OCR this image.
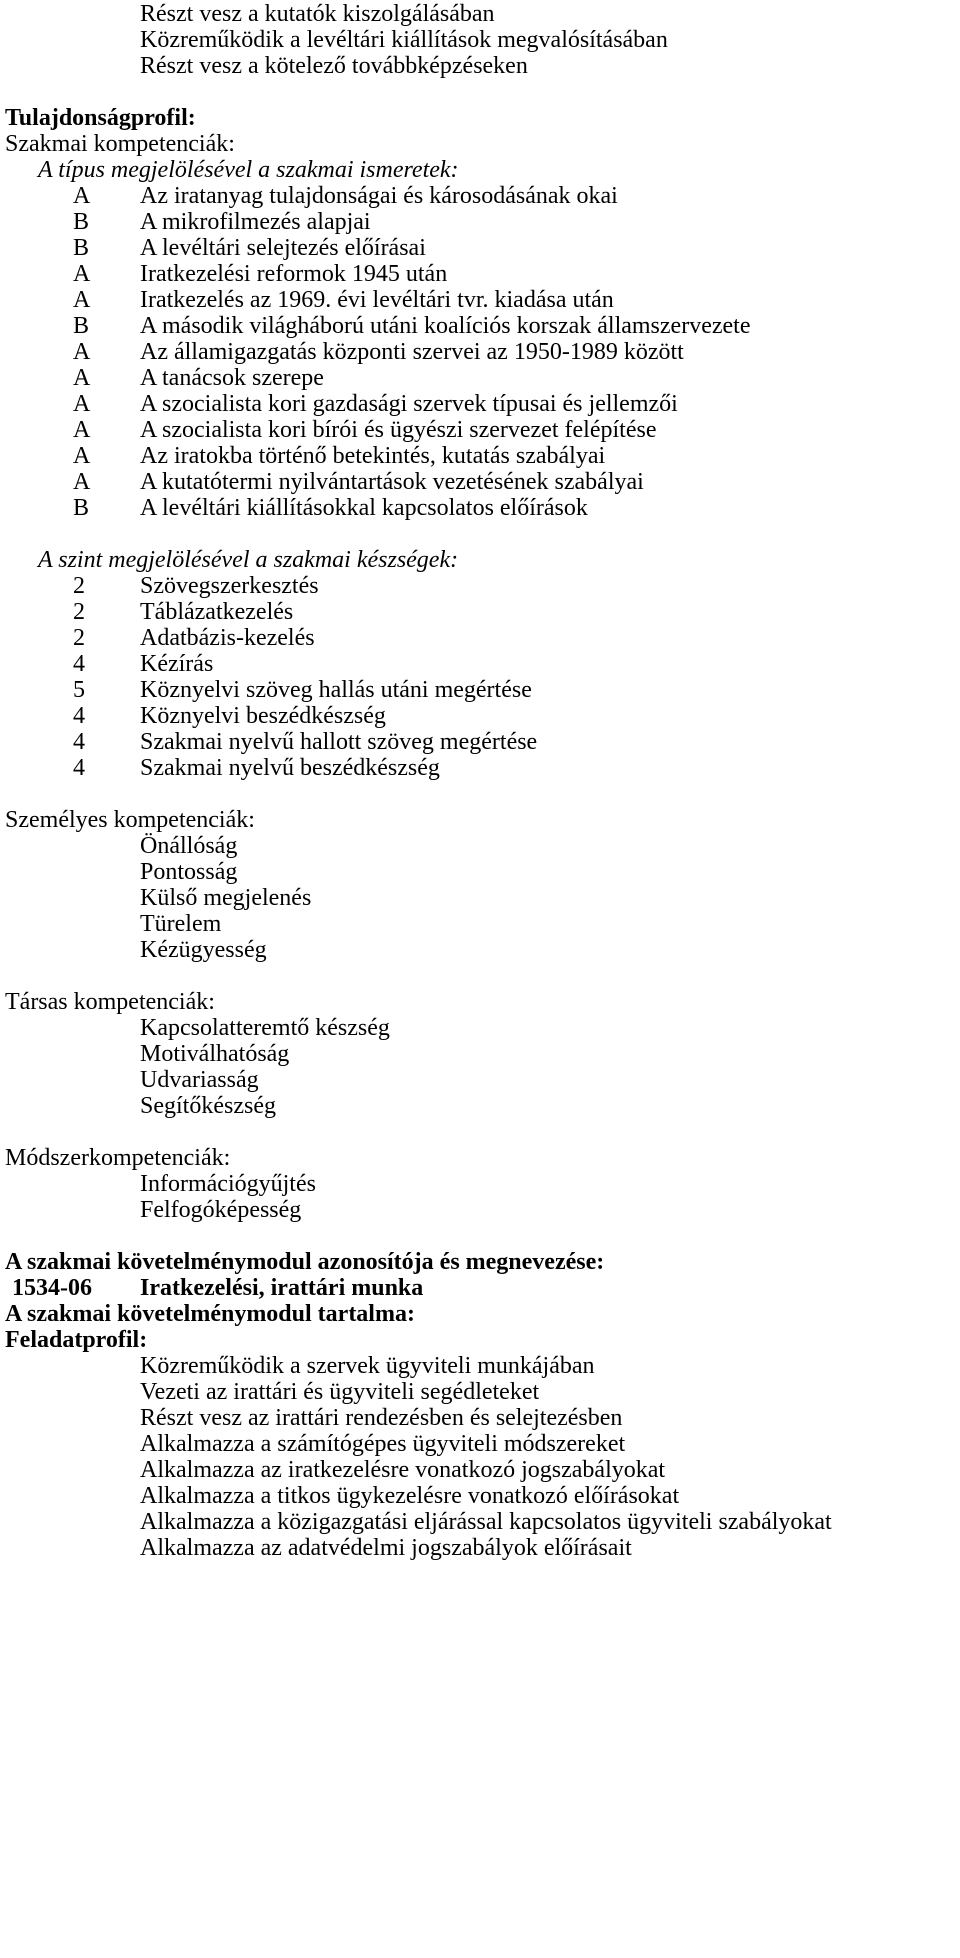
Részt vesz a kutatók kiszolgálásában
Közreműködik a levéltári kiállítások megvalósításában
Részt vesz a kötelező továbbképzéseken
Tulajdonságprofil:
Szakmai kompetenciák:
A típus megjelölésével a szakmai ismeretek:
A Az iratanyag tulajdonságai és károsodásának okai
B A mikrofilmezés alapjai
B A levéltári selejtezés előírásai
A Iratkezelési reformok 1945 után
A Iratkezelés az 1969. évi levéltári tvr. kiadása után
B A második világháború utáni koalíciós korszak államszervezete
A Az államigazgatás központi szervei az 1950-1989 között
A A tanácsok szerepe
A A szocialista kori gazdasági szervek típusai és jellemzői
A A szocialista kori bírói és ügyészi szervezet felépítése
A Az iratokba történő betekintés, kutatás szabályai
A A kutatótermi nyilvántartások vezetésének szabályai
B A levéltári kiállításokkal kapcsolatos előírások
A szint megjelölésével a szakmai készségek:
2 Szövegszerkesztés
2 Táblázatkezelés
2 Adatbázis-kezelés
4 Kézírás
5 Köznyelvi szöveg hallás utáni megértése
4 Köznyelvi beszédkészség
4 Szakmai nyelvű hallott szöveg megértése
4 Szakmai nyelvű beszédkészség
Személyes kompetenciák:
Önállóság
Pontosság
Külső megjelenés
Türelem
Kézügyesség
Társas kompetenciák:
Kapcsolatteremtő készség
Motiválhatóság
Udvariasság
Segítőkészség
Módszerkompetenciák:
Információgyűjtés
Felfogóképesség
A szakmai követelménymodul azonosítója és megnevezése:
1534-06 Iratkezelési, irattári munka
A szakmai követelménymodul tartalma:
Feladatprofil:
Közreműködik a szervek ügyviteli munkájában
Vezeti az irattári és ügyviteli segédleteket
Részt vesz az irattári rendezésben és selejtezésben
Alkalmazza a számítógépes ügyviteli módszereket
Alkalmazza az iratkezelésre vonatkozó jogszabályokat
Alkalmazza a titkos ügykezelésre vonatkozó előírásokat
Alkalmazza a közigazgatási eljárással kapcsolatos ügyviteli szabályokat
Alkalmazza az adatvédelmi jogszabályok előírásait
